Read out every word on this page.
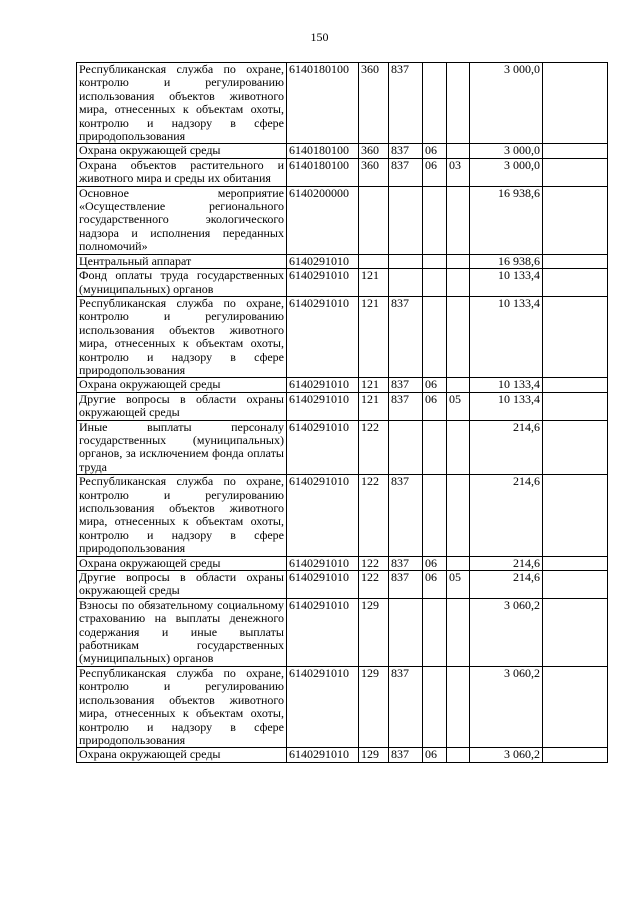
150
Республиканская служба по охране, контролю и регулированию использования объектов животного мира, отнесенных к объектам охоты, контролю и надзору в сфере природопользования	6140180100	360	837			3 000,0	
Охрана окружающей среды	6140180100	360	837	06		3 000,0	
Охрана объектов растительного и животного мира и среды их обитания	6140180100	360	837	06	03	3 000,0	
Основное мероприятие «Осуществление регионального государственного экологического надзора и исполнения переданных полномочий»	6140200000					16 938,6	
Центральный аппарат	6140291010					16 938,6	
Фонд оплаты труда государственных (муниципальных) органов	6140291010	121				10 133,4	
Республиканская служба по охране, контролю и регулированию использования объектов животного мира, отнесенных к объектам охоты, контролю и надзору в сфере природопользования	6140291010	121	837			10 133,4	
Охрана окружающей среды	6140291010	121	837	06		10 133,4	
Другие вопросы в области охраны окружающей среды	6140291010	121	837	06	05	10 133,4	
Иные выплаты персоналу государственных (муниципальных) органов, за исключением фонда оплаты труда	6140291010	122				214,6	
Республиканская служба по охране, контролю и регулированию использования объектов животного мира, отнесенных к объектам охоты, контролю и надзору в сфере природопользования	6140291010	122	837			214,6	
Охрана окружающей среды	6140291010	122	837	06		214,6	
Другие вопросы в области охраны окружающей среды	6140291010	122	837	06	05	214,6	
Взносы по обязательному социальному страхованию на выплаты денежного содержания и иные выплаты работникам государственных (муниципальных) органов	6140291010	129				3 060,2	
Республиканская служба по охране, контролю и регулированию использования объектов животного мира, отнесенных к объектам охоты, контролю и надзору в сфере природопользования	6140291010	129	837			3 060,2	
Охрана окружающей среды	6140291010	129	837	06		3 060,2	
